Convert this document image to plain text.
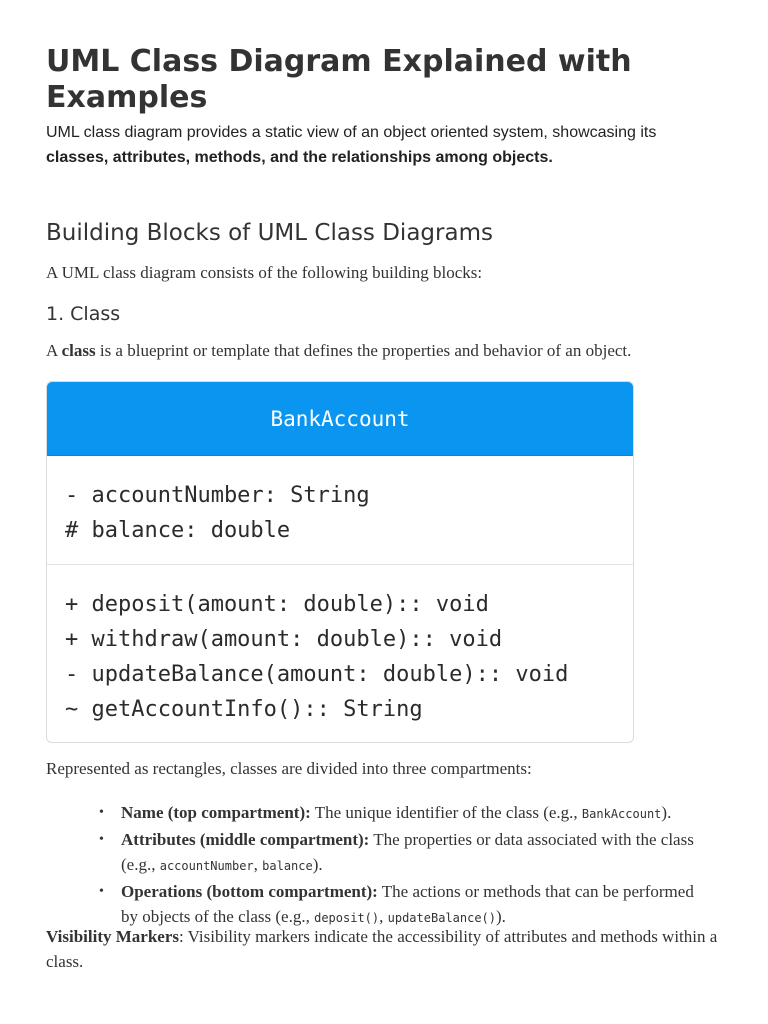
UML Class Diagram Explained with Examples

UML class diagram provides a static view of an object oriented system, showcasing its classes, attributes, methods, and the relationships among objects.

Building Blocks of UML Class Diagrams

A UML class diagram consists of the following building blocks:

1. Class

A class is a blueprint or template that defines the properties and behavior of an object.

BankAccount
- accountNumber: String
# balance: double
+ deposit(amount: double):: void
+ withdraw(amount: double):: void
- updateBalance(amount: double):: void
~ getAccountInfo():: String

Represented as rectangles, classes are divided into three compartments:

• Name (top compartment): The unique identifier of the class (e.g., BankAccount).
• Attributes (middle compartment): The properties or data associated with the class (e.g., accountNumber, balance).
• Operations (bottom compartment): The actions or methods that can be performed by objects of the class (e.g., deposit(), updateBalance()).

Visibility Markers: Visibility markers indicate the accessibility of attributes and methods within a class.
